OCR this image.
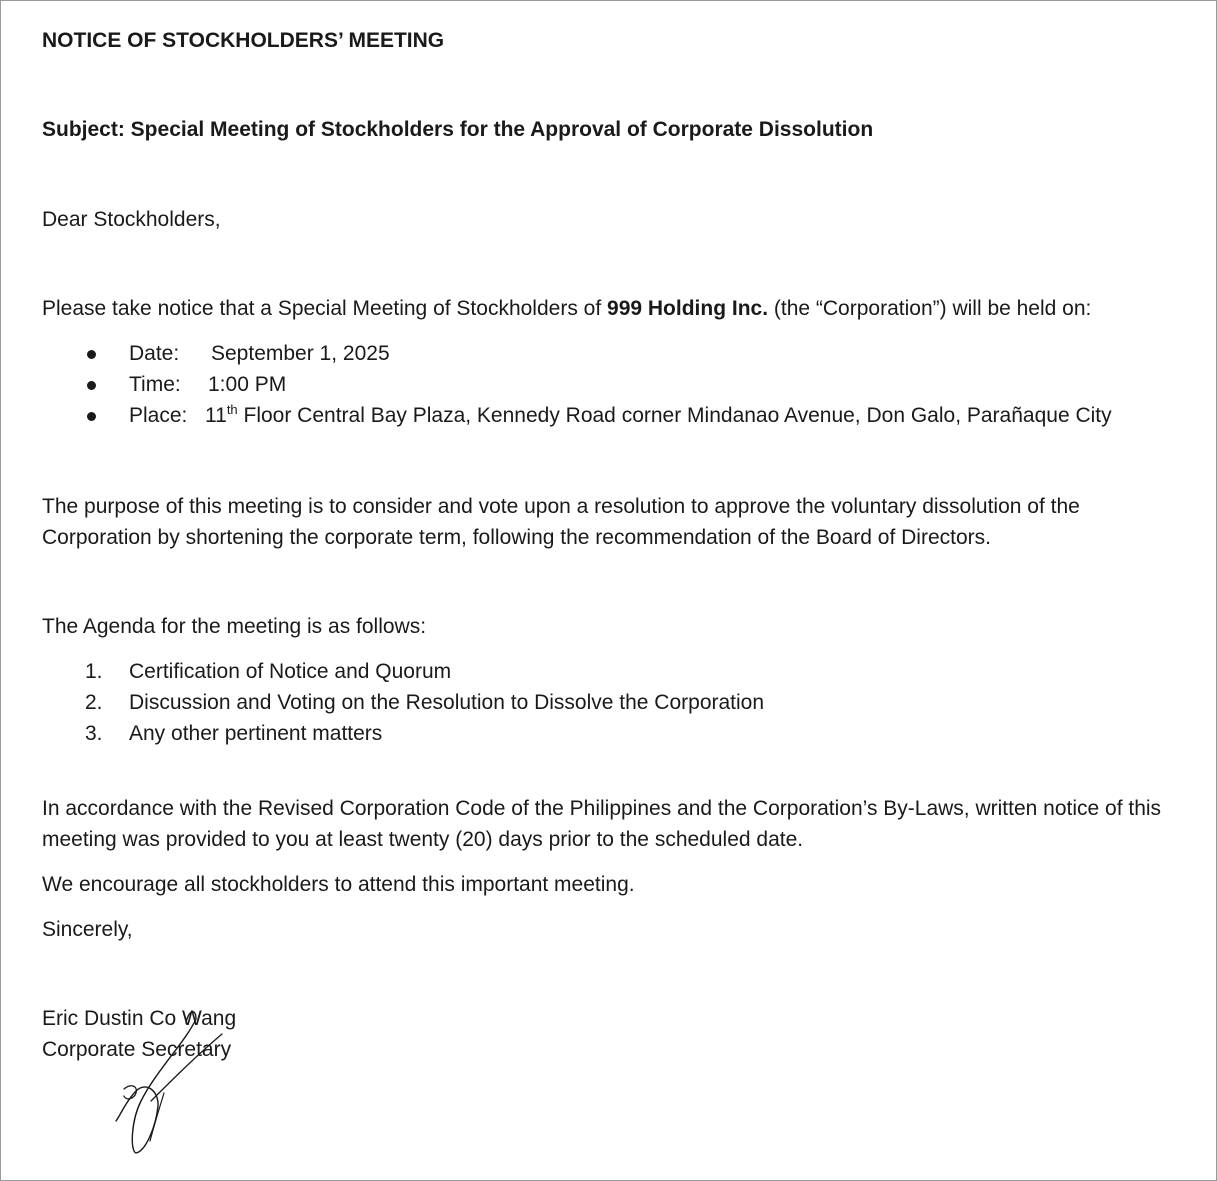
NOTICE OF STOCKHOLDERS’ MEETING

Subject: Special Meeting of Stockholders for the Approval of Corporate Dissolution

Dear Stockholders,

Please take notice that a Special Meeting of Stockholders of 999 Holding Inc. (the “Corporation”) will be held on:

Date: September 1, 2025
Time: 1:00 PM
Place: 11th Floor Central Bay Plaza, Kennedy Road corner Mindanao Avenue, Don Galo, Parañaque City

The purpose of this meeting is to consider and vote upon a resolution to approve the voluntary dissolution of the Corporation by shortening the corporate term, following the recommendation of the Board of Directors.

The Agenda for the meeting is as follows:

1. Certification of Notice and Quorum
2. Discussion and Voting on the Resolution to Dissolve the Corporation
3. Any other pertinent matters

In accordance with the Revised Corporation Code of the Philippines and the Corporation’s By-Laws, written notice of this meeting was provided to you at least twenty (20) days prior to the scheduled date.

We encourage all stockholders to attend this important meeting.

Sincerely,

Eric Dustin Co Wang
Corporate Secretary
